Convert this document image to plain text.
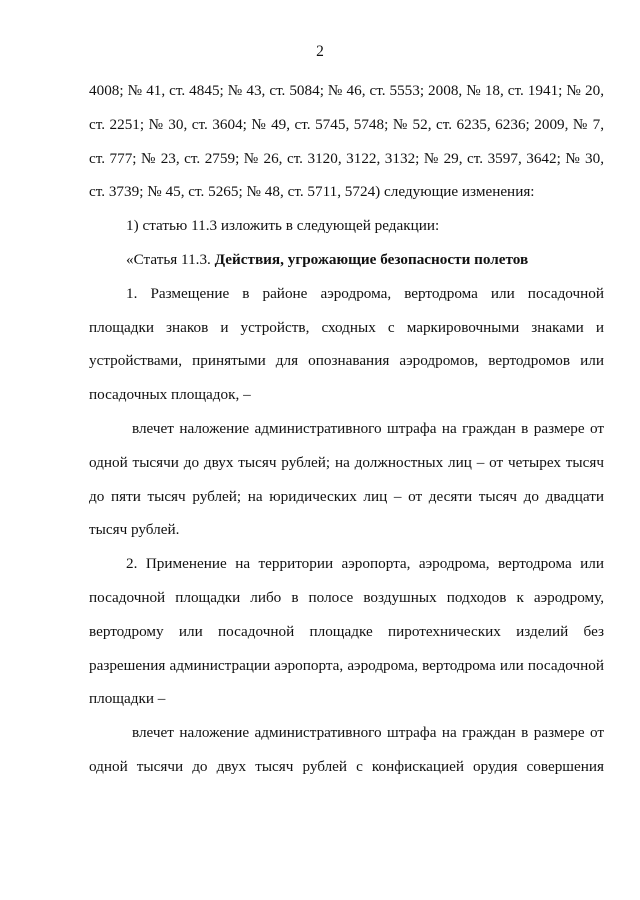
2
4008; № 41, ст. 4845; № 43, ст. 5084; № 46, ст. 5553; 2008, № 18, ст. 1941; № 20,
ст. 2251; № 30, ст. 3604; № 49, ст. 5745, 5748; № 52, ст. 6235, 6236; 2009, № 7,
ст. 777; № 23, ст. 2759; № 26, ст. 3120, 3122, 3132; № 29, ст. 3597, 3642; № 30,
ст. 3739; № 45, ст. 5265; № 48, ст. 5711, 5724) следующие изменения:
1) статью 11.3 изложить в следующей редакции:
«Статья 11.3. Действия, угрожающие безопасности полетов
1. Размещение в районе аэродрома, вертодрома или посадочной
площадки знаков и устройств, сходных с маркировочными знаками и
устройствами, принятыми для опознавания аэродромов, вертодромов или
посадочных площадок, –
влечет наложение административного штрафа на граждан в размере от
одной тысячи до двух тысяч рублей; на должностных лиц – от четырех тысяч
до пяти тысяч рублей; на юридических лиц – от десяти тысяч до двадцати
тысяч рублей.
2. Применение на территории аэропорта, аэродрома, вертодрома или
посадочной площадки либо в полосе воздушных подходов к аэродрому,
вертодрому или посадочной площадке пиротехнических изделий без
разрешения администрации аэропорта, аэродрома, вертодрома или посадочной
площадки –
влечет наложение административного штрафа на граждан в размере от
одной тысячи до двух тысяч рублей с конфискацией орудия совершения
